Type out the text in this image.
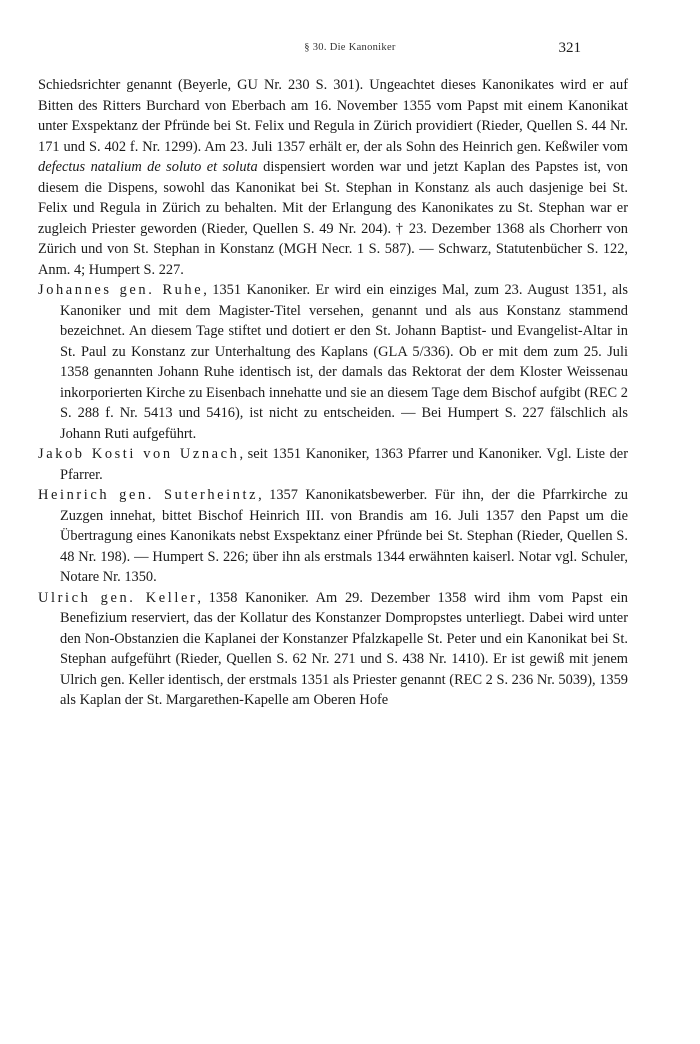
§ 30. Die Kanoniker	321

Schiedsrichter genannt (Beyerle, GU Nr. 230 S. 301). Ungeachtet dieses Kanonikates wird er auf Bitten des Ritters Burchard von Eberbach am 16. November 1355 vom Papst mit einem Kanonikat unter Exspektanz der Pfründe bei St. Felix und Regula in Zürich providiert (Rieder, Quellen S. 44 Nr. 171 und S. 402 f. Nr. 1299). Am 23. Juli 1357 erhält er, der als Sohn des Heinrich gen. Keßwiler vom defectus natalium de soluto et soluta dispensiert worden war und jetzt Kaplan des Papstes ist, von diesem die Dispens, sowohl das Kanonikat bei St. Stephan in Konstanz als auch dasjenige bei St. Felix und Regula in Zürich zu behalten. Mit der Erlangung des Kanonikates zu St. Stephan war er zugleich Priester geworden (Rieder, Quellen S. 49 Nr. 204). † 23. Dezember 1368 als Chorherr von Zürich und von St. Stephan in Konstanz (MGH Necr. 1 S. 587). — Schwarz, Statutenbücher S. 122, Anm. 4; Humpert S. 227.

Johannes gen. Ruhe, 1351 Kanoniker. Er wird ein einziges Mal, zum 23. August 1351, als Kanoniker und mit dem Magister-Titel versehen, genannt und als aus Konstanz stammend bezeichnet. An diesem Tage stiftet und dotiert er den St. Johann Baptist- und Evangelist-Altar in St. Paul zu Konstanz zur Unterhaltung des Kaplans (GLA 5/336). Ob er mit dem zum 25. Juli 1358 genannten Johann Ruhe identisch ist, der damals das Rektorat der dem Kloster Weissenau inkorporierten Kirche zu Eisenbach innehatte und sie an diesem Tage dem Bischof aufgibt (REC 2 S. 288 f. Nr. 5413 und 5416), ist nicht zu entscheiden. — Bei Humpert S. 227 fälschlich als Johann Ruti aufgeführt.

Jakob Kosti von Uznach, seit 1351 Kanoniker, 1363 Pfarrer und Kanoniker. Vgl. Liste der Pfarrer.

Heinrich gen. Suterheintz, 1357 Kanonikatsbewerber. Für ihn, der die Pfarrkirche zu Zuzgen innehat, bittet Bischof Heinrich III. von Brandis am 16. Juli 1357 den Papst um die Übertragung eines Kanonikats nebst Exspektanz einer Pfründe bei St. Stephan (Rieder, Quellen S. 48 Nr. 198). — Humpert S. 226; über ihn als erstmals 1344 erwähnten kaiserl. Notar vgl. Schuler, Notare Nr. 1350.

Ulrich gen. Keller, 1358 Kanoniker. Am 29. Dezember 1358 wird ihm vom Papst ein Benefizium reserviert, das der Kollatur des Konstanzer Dompropstes unterliegt. Dabei wird unter den Non-Obstanzien die Kaplanei der Konstanzer Pfalzkapelle St. Peter und ein Kanonikat bei St. Stephan aufgeführt (Rieder, Quellen S. 62 Nr. 271 und S. 438 Nr. 1410). Er ist gewiß mit jenem Ulrich gen. Keller identisch, der erstmals 1351 als Priester genannt (REC 2 S. 236 Nr. 5039), 1359 als Kaplan der St. Margarethen-Kapelle am Oberen Hofe
